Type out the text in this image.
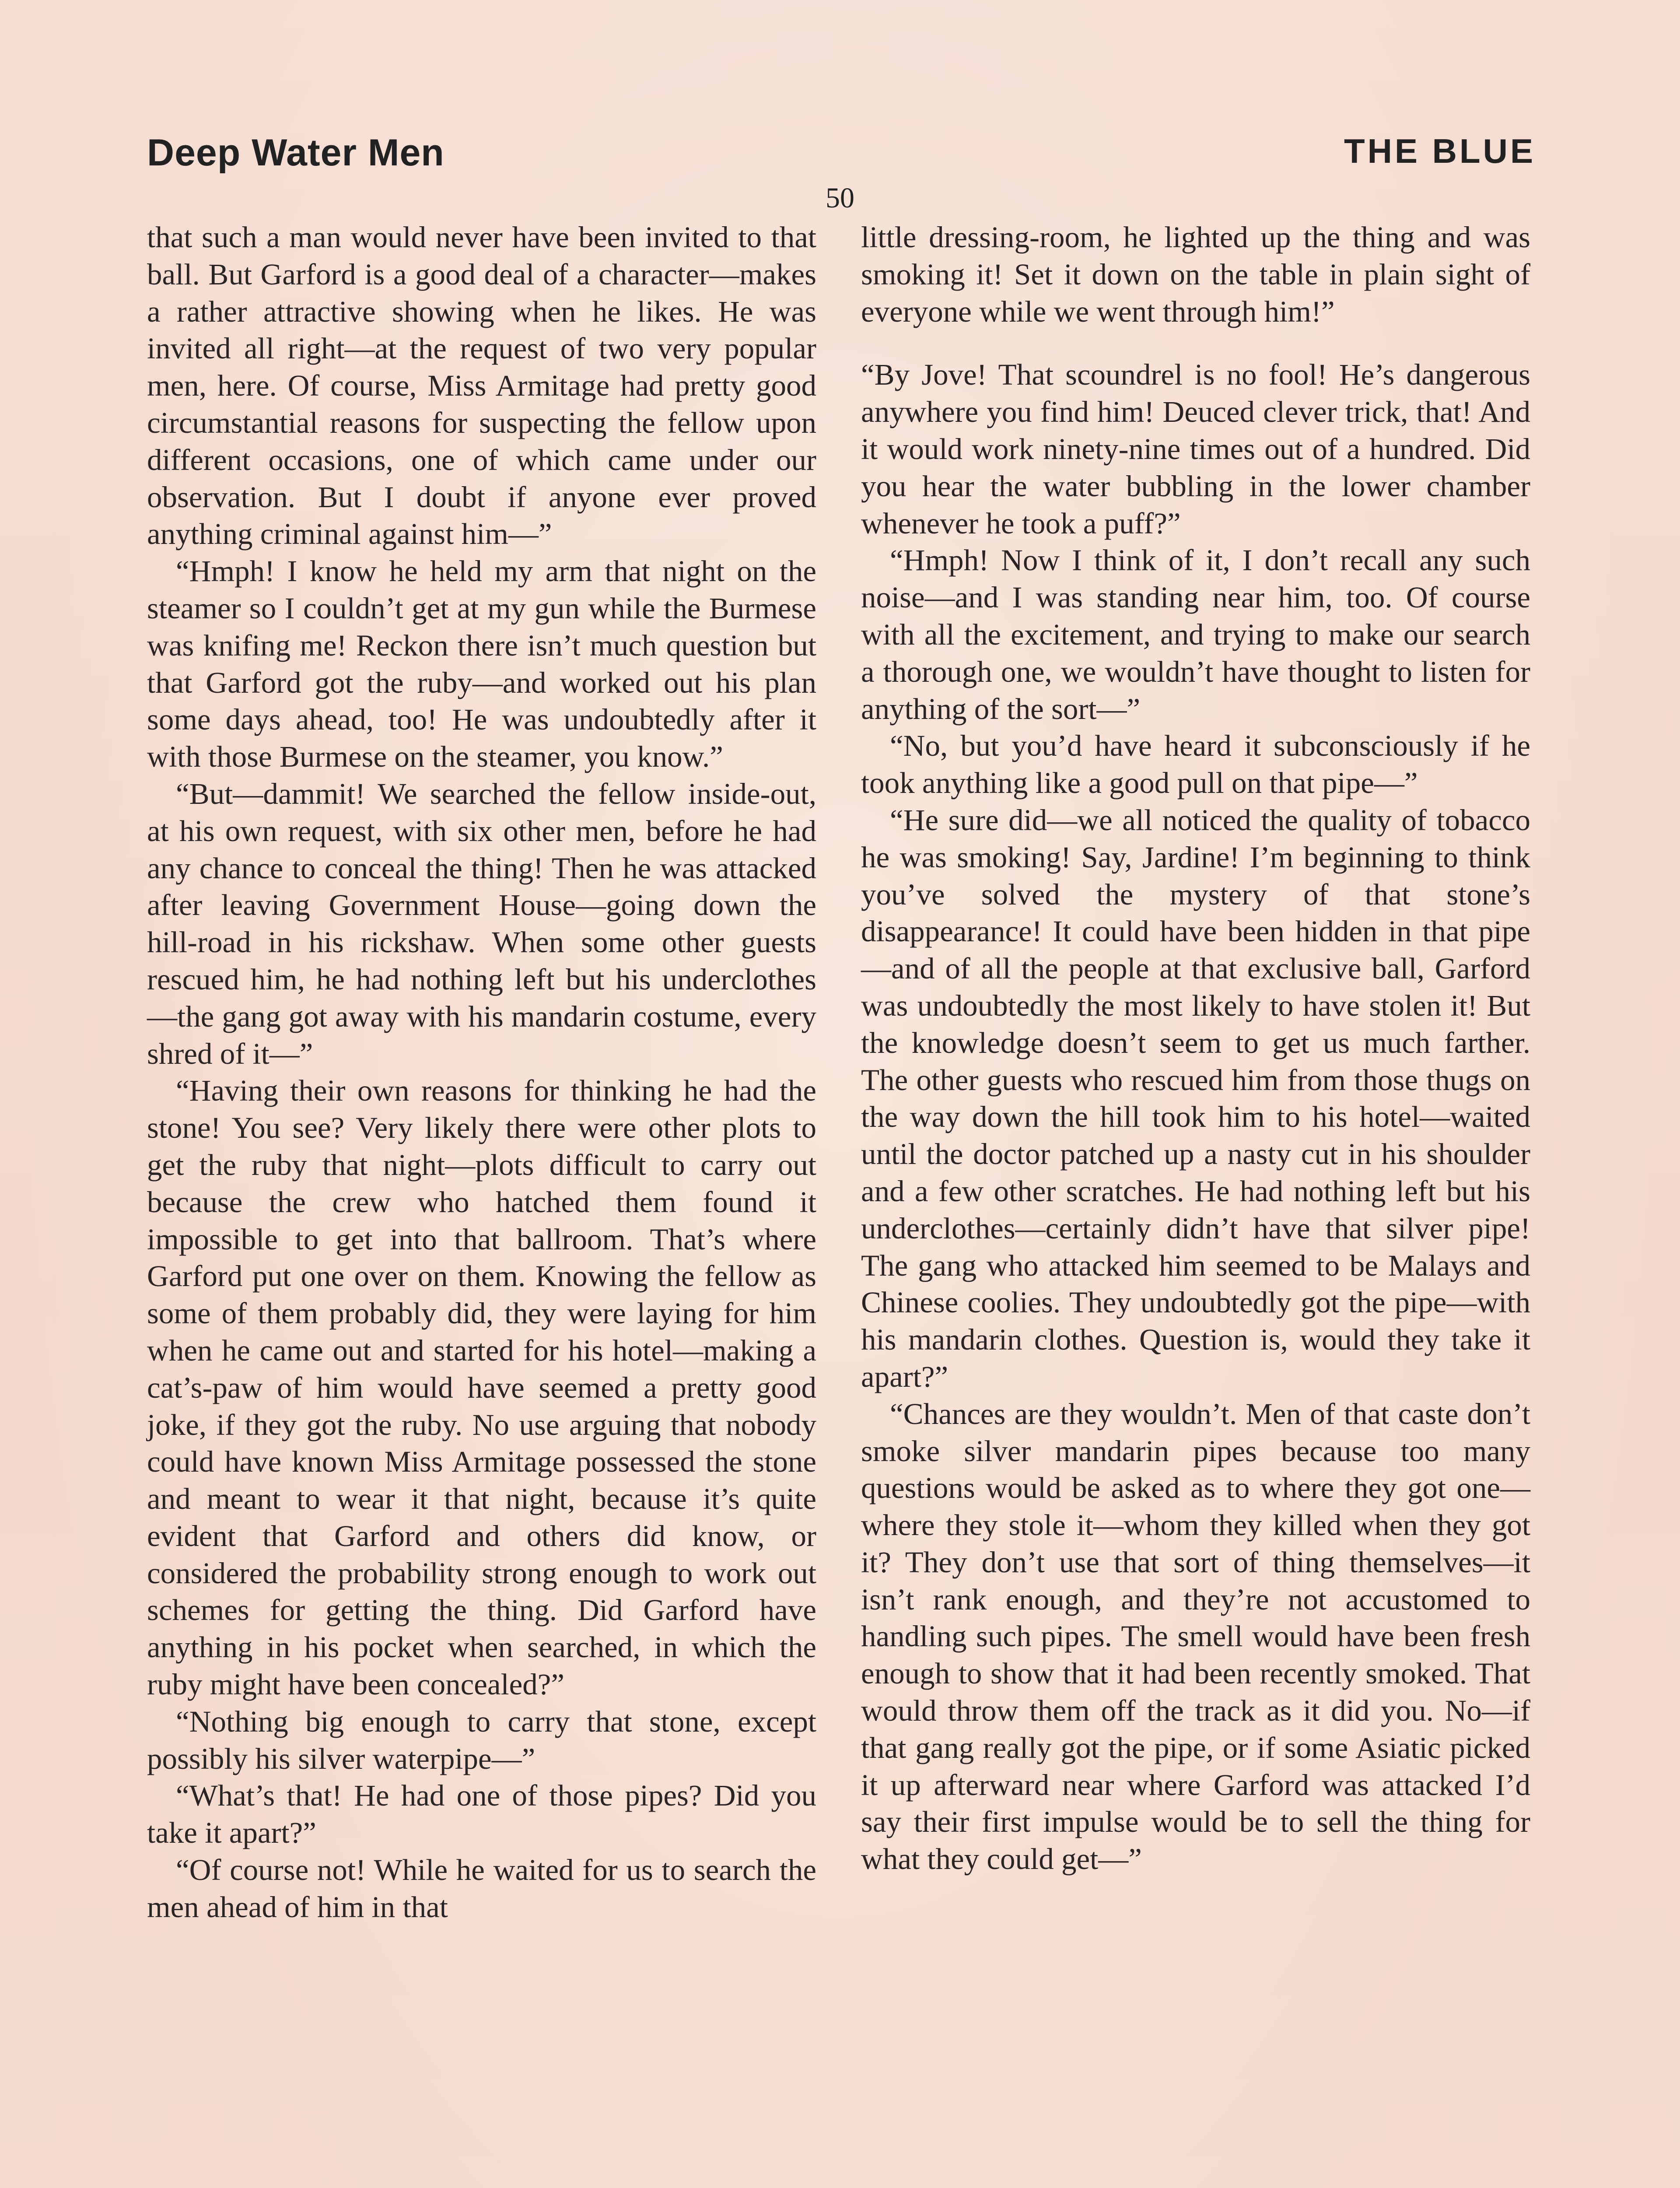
Deep Water Men	THE BLUE
50

that such a man would never have been invited to that ball. But Garford is a good deal of a character—makes a rather attractive showing when he likes. He was invited all right—at the request of two very popular men, here. Of course, Miss Armitage had pretty good circumstantial reasons for suspecting the fellow upon different occasions, one of which came under our observation. But I doubt if anyone ever proved anything criminal against him—”

“Hmph! I know he held my arm that night on the steamer so I couldn’t get at my gun while the Burmese was knifing me! Reckon there isn’t much question but that Garford got the ruby—and worked out his plan some days ahead, too! He was undoubtedly after it with those Burmese on the steamer, you know.”

“But—dammit! We searched the fellow inside-out, at his own request, with six other men, before he had any chance to conceal the thing! Then he was attacked after leaving Government House—going down the hill-road in his rickshaw. When some other guests rescued him, he had nothing left but his underclothes—the gang got away with his mandarin costume, every shred of it—”

“Having their own reasons for thinking he had the stone! You see? Very likely there were other plots to get the ruby that night—plots difficult to carry out because the crew who hatched them found it impossible to get into that ballroom. That’s where Garford put one over on them. Knowing the fellow as some of them probably did, they were laying for him when he came out and started for his hotel—making a cat’s-paw of him would have seemed a pretty good joke, if they got the ruby. No use arguing that nobody could have known Miss Armitage possessed the stone and meant to wear it that night, because it’s quite evident that Garford and others did know, or considered the probability strong enough to work out schemes for getting the thing. Did Garford have anything in his pocket when searched, in which the ruby might have been concealed?”

“Nothing big enough to carry that stone, except possibly his silver waterpipe—”

“What’s that! He had one of those pipes? Did you take it apart?”

“Of course not! While he waited for us to search the men ahead of him in that

little dressing-room, he lighted up the thing and was smoking it! Set it down on the table in plain sight of everyone while we went through him!”

“By Jove! That scoundrel is no fool! He’s dangerous anywhere you find him! Deuced clever trick, that! And it would work ninety-nine times out of a hundred. Did you hear the water bubbling in the lower chamber whenever he took a puff?”

“Hmph! Now I think of it, I don’t recall any such noise—and I was standing near him, too. Of course with all the excitement, and trying to make our search a thorough one, we wouldn’t have thought to listen for anything of the sort—”

“No, but you’d have heard it subconsciously if he took anything like a good pull on that pipe—”

“He sure did—we all noticed the quality of tobacco he was smoking! Say, Jardine! I’m beginning to think you’ve solved the mystery of that stone’s disappearance! It could have been hidden in that pipe—and of all the people at that exclusive ball, Garford was undoubtedly the most likely to have stolen it! But the knowledge doesn’t seem to get us much farther. The other guests who rescued him from those thugs on the way down the hill took him to his hotel—waited until the doctor patched up a nasty cut in his shoulder and a few other scratches. He had nothing left but his underclothes—certainly didn’t have that silver pipe! The gang who attacked him seemed to be Malays and Chinese coolies. They undoubtedly got the pipe—with his mandarin clothes. Question is, would they take it apart?”

“Chances are they wouldn’t. Men of that caste don’t smoke silver mandarin pipes because too many questions would be asked as to where they got one—where they stole it—whom they killed when they got it? They don’t use that sort of thing themselves—it isn’t rank enough, and they’re not accustomed to handling such pipes. The smell would have been fresh enough to show that it had been recently smoked. That would throw them off the track as it did you. No—if that gang really got the pipe, or if some Asiatic picked it up afterward near where Garford was attacked I’d say their first impulse would be to sell the thing for what they could get—”
